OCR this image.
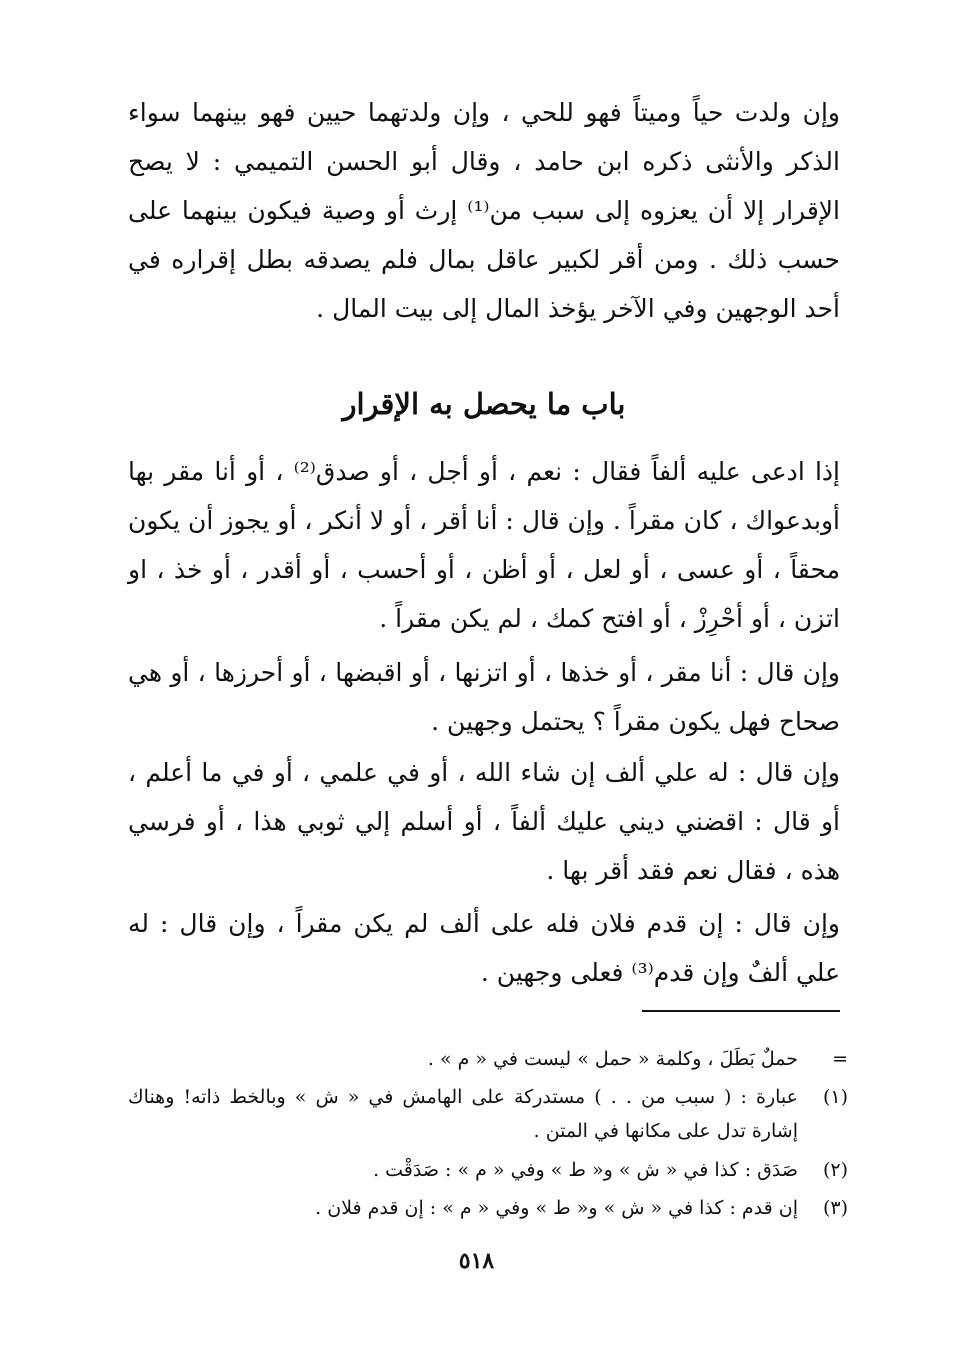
وإن ولدت حياً وميتاً فهو للحي ، وإن ولدتهما حيين فهو بينهما سواء الذكر والأنثى ذكره ابن حامد ، وقال أبو الحسن التميمي : لا يصح الإقرار إلا أن يعزوه إلى سبب من⁽¹⁾ إرث أو وصية فيكون بينهما على حسب ذلك . ومن أقر لكبير عاقل بمال فلم يصدقه بطل إقراره في أحد الوجهين وفي الآخر يؤخذ المال إلى بيت المال .

باب ما يحصل به الإقرار

إذا ادعى عليه ألفاً فقال : نعم ، أو أجل ، أو صدق⁽²⁾ ، أو أنا مقر بها أوبدعواك ، كان مقراً . وإن قال : أنا أقر ، أو لا أنكر ، أو يجوز أن يكون محقاً ، أو عسى ، أو لعل ، أو أظن ، أو أحسب ، أو أقدر ، أو خذ ، او اتزن ، أو أحْرِزْ ، أو افتح كمك ، لم يكن مقراً .

وإن قال : أنا مقر ، أو خذها ، أو اتزنها ، أو اقبضها ، أو أحرزها ، أو هي صحاح فهل يكون مقراً ؟ يحتمل وجهين .

وإن قال : له علي ألف إن شاء الله ، أو في علمي ، أو في ما أعلم ، أو قال : اقضني ديني عليك ألفاً ، أو أسلم إلي ثوبي هذا ، أو فرسي هذه ، فقال نعم فقد أقر بها .

وإن قال : إن قدم فلان فله على ألف لم يكن مقراً ، وإن قال : له علي ألفٌ وإن قدم⁽³⁾ فعلى وجهين .

=
حملٌ بَطَلَ ، وكلمة « حمل » ليست في « م » .
(١)
عبارة : ( سبب من . . ) مستدركة على الهامش في « ش » وبالخط ذاته! وهناك إشارة تدل على مكانها في المتن .
(٢)
صَدَق : كذا في « ش » و« ط » وفي « م » : صَدَقْت .
(٣)
إن قدم : كذا في « ش » و« ط » وفي « م » : إن قدم فلان .

٥١٨
